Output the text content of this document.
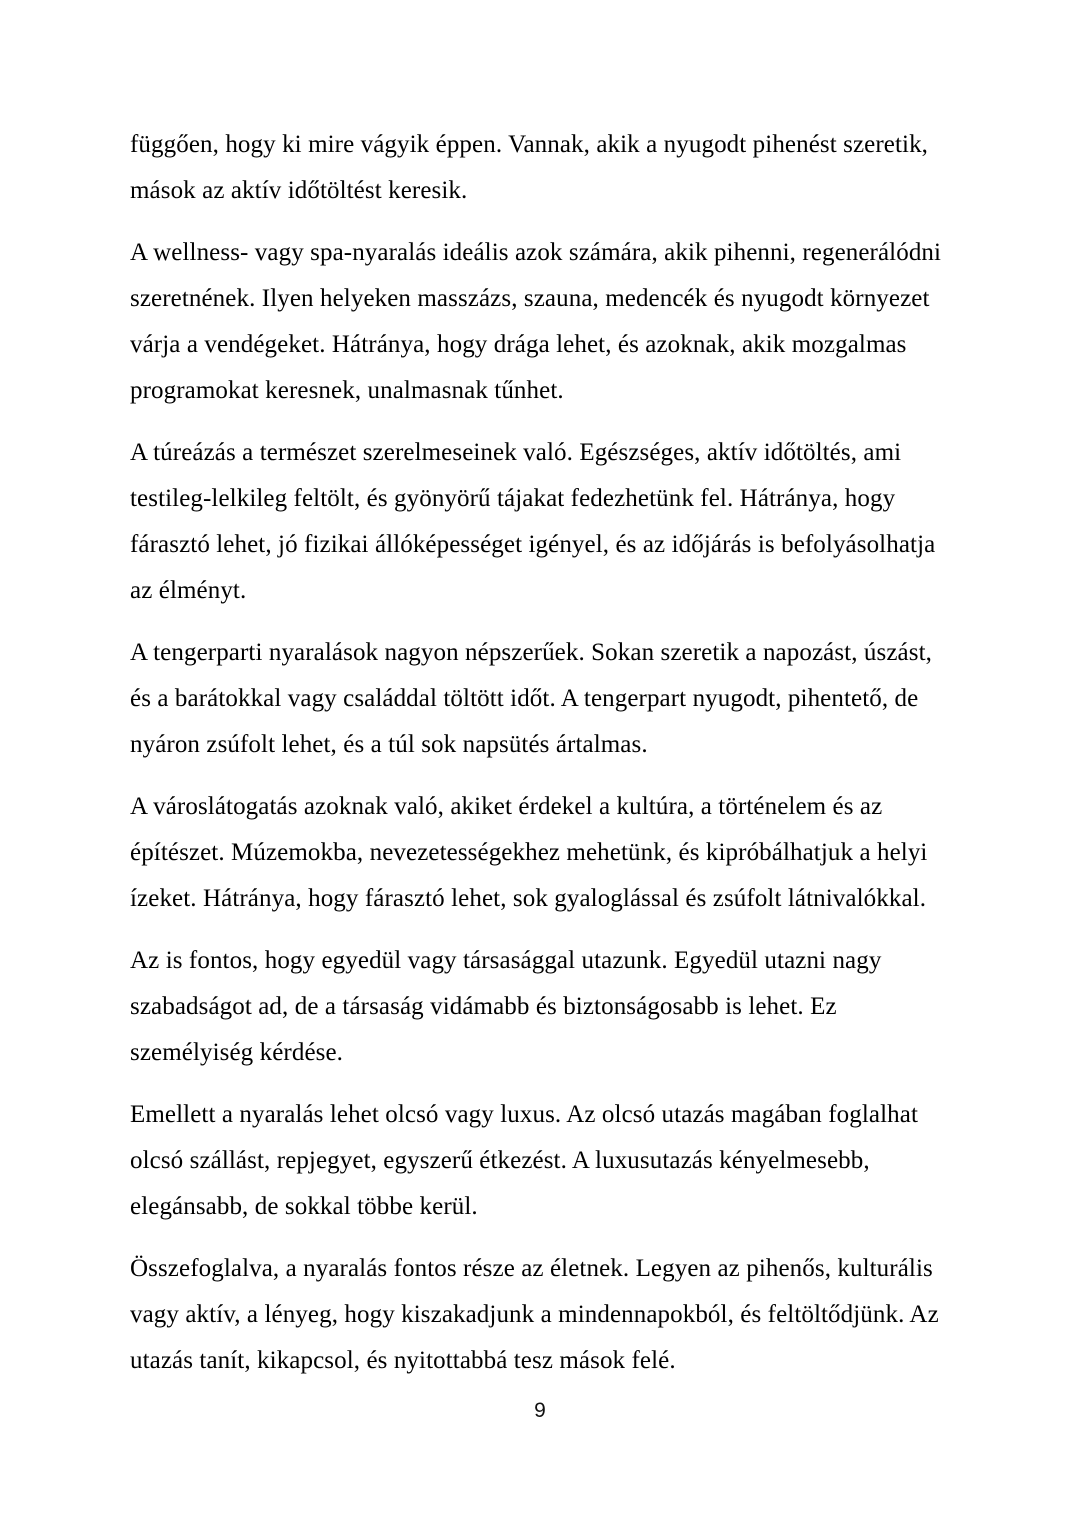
függően, hogy ki mire vágyik éppen. Vannak, akik a nyugodt pihenést szeretik,
mások az aktív időtöltést keresik.
A wellness- vagy spa-nyaralás ideális azok számára, akik pihenni, regenerálódni
szeretnének. Ilyen helyeken masszázs, szauna, medencék és nyugodt környezet
várja a vendégeket. Hátránya, hogy drága lehet, és azoknak, akik mozgalmas
programokat keresnek, unalmasnak tűnhet.
A túreázás a természet szerelmeseinek való. Egészséges, aktív időtöltés, ami
testileg-lelkileg feltölt, és gyönyörű tájakat fedezhetünk fel. Hátránya, hogy
fárasztó lehet, jó fizikai állóképességet igényel, és az időjárás is befolyásolhatja
az élményt.
A tengerparti nyaralások nagyon népszerűek. Sokan szeretik a napozást, úszást,
és a barátokkal vagy családdal töltött időt. A tengerpart nyugodt, pihentető, de
nyáron zsúfolt lehet, és a túl sok napsütés ártalmas.
A városlátogatás azoknak való, akiket érdekel a kultúra, a történelem és az
építészet. Múzemokba, nevezetességekhez mehetünk, és kipróbálhatjuk a helyi
ízeket. Hátránya, hogy fárasztó lehet, sok gyaloglással és zsúfolt látnivalókkal.
Az is fontos, hogy egyedül vagy társasággal utazunk. Egyedül utazni nagy
szabadságot ad, de a társaság vidámabb és biztonságosabb is lehet. Ez
személyiség kérdése.
Emellett a nyaralás lehet olcsó vagy luxus. Az olcsó utazás magában foglalhat
olcsó szállást, repjegyet, egyszerű étkezést. A luxusutazás kényelmesebb,
elegánsabb, de sokkal többe kerül.
Összefoglalva, a nyaralás fontos része az életnek. Legyen az pihenős, kulturális
vagy aktív, a lényeg, hogy kiszakadjunk a mindennapokból, és feltöltődjünk. Az
utazás tanít, kikapcsol, és nyitottabbá tesz mások felé.
9
